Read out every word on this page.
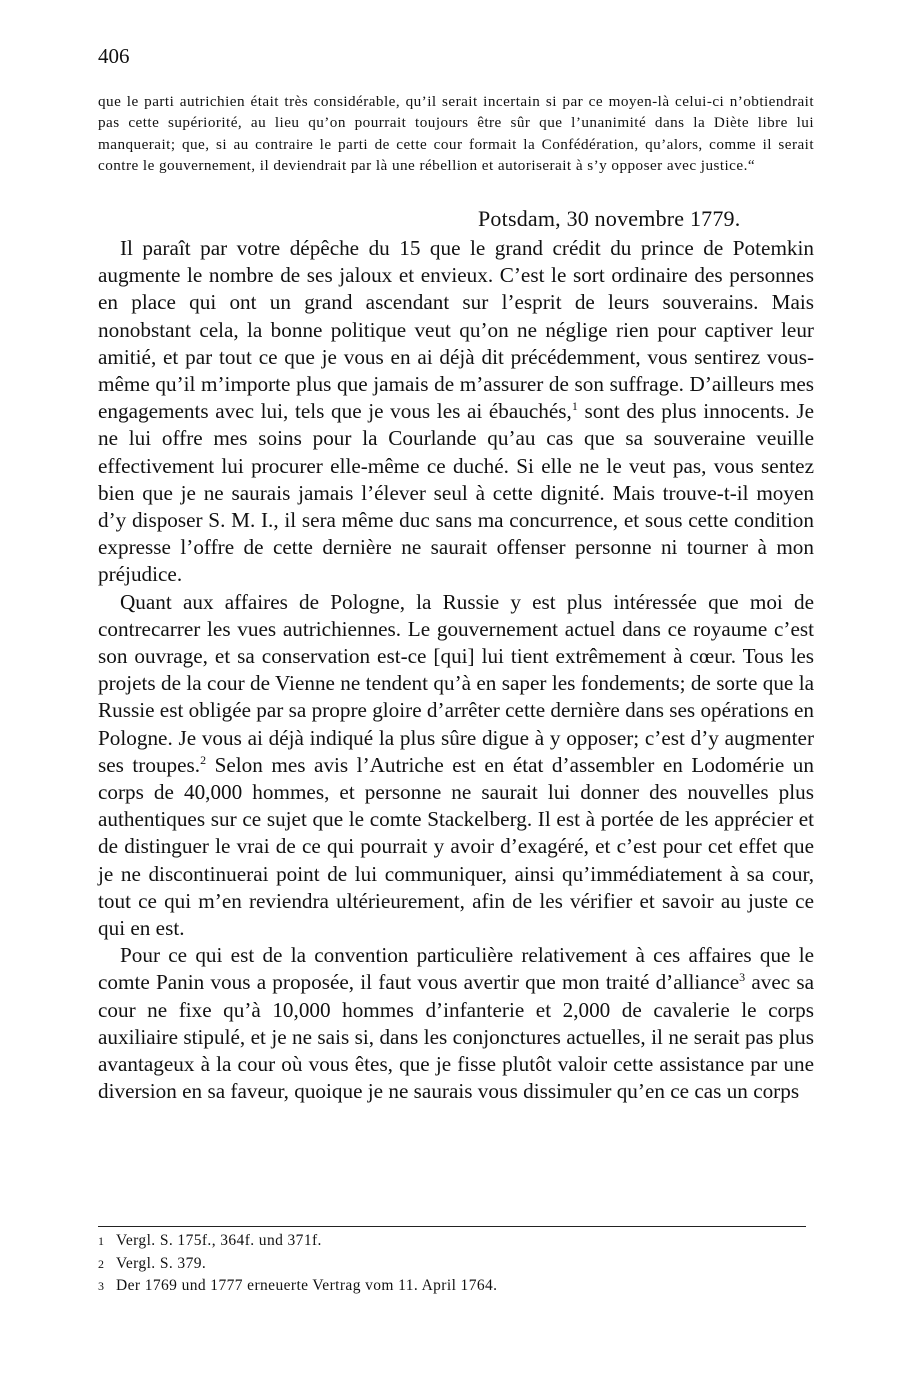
406

que le parti autrichien était très considérable, qu’il serait incertain si par ce moyen-là celui-ci n’obtiendrait pas cette supériorité, au lieu qu’on pourrait toujours être sûr que l’unanimité dans la Diète libre lui manquerait; que, si au contraire le parti de cette cour formait la Confédération, qu’alors, comme il serait contre le gouvernement, il deviendrait par là une rébellion et autoriserait à s’y opposer avec justice.“

Potsdam, 30 novembre 1779.

Il paraît par votre dépêche du 15 que le grand crédit du prince de Potemkin augmente le nombre de ses jaloux et envieux. C’est le sort ordinaire des personnes en place qui ont un grand ascendant sur l’esprit de leurs souverains. Mais nonobstant cela, la bonne politique veut qu’on ne néglige rien pour captiver leur amitié, et par tout ce que je vous en ai déjà dit précédemment, vous sentirez vous-même qu’il m’importe plus que jamais de m’assurer de son suffrage. D’ailleurs mes engagements avec lui, tels que je vous les ai ébauchés,$^1$ sont des plus innocents. Je ne lui offre mes soins pour la Courlande qu’au cas que sa souveraine veuille effectivement lui procurer elle-même ce duché. Si elle ne le veut pas, vous sentez bien que je ne saurais jamais l’élever seul à cette dignité. Mais trouve-t-il moyen d’y disposer S. M. I., il sera même duc sans ma concurrence, et sous cette condition expresse l’offre de cette dernière ne saurait offenser personne ni tourner à mon préjudice.

Quant aux affaires de Pologne, la Russie y est plus intéressée que moi de contrecarrer les vues autrichiennes. Le gouvernement actuel dans ce royaume c’est son ouvrage, et sa conservation est-ce [qui] lui tient extrêmement à cœur. Tous les projets de la cour de Vienne ne tendent qu’à en saper les fondements; de sorte que la Russie est obligée par sa propre gloire d’arrêter cette dernière dans ses opérations en Pologne. Je vous ai déjà indiqué la plus sûre digue à y opposer; c’est d’y augmenter ses troupes.$^2$ Selon mes avis l’Autriche est en état d’assembler en Lodomérie un corps de 40,000 hommes, et personne ne saurait lui donner des nouvelles plus authentiques sur ce sujet que le comte Stackelberg. Il est à portée de les apprécier et de distinguer le vrai de ce qui pourrait y avoir d’exagéré, et c’est pour cet effet que je ne discontinuerai point de lui communiquer, ainsi qu’immédiatement à sa cour, tout ce qui m’en reviendra ultérieurement, afin de les vérifier et savoir au juste ce qui en est.

Pour ce qui est de la convention particulière relativement à ces affaires que le comte Panin vous a proposée, il faut vous avertir que mon traité d’alliance$^3$ avec sa cour ne fixe qu’à 10,000 hommes d’infanterie et 2,000 de cavalerie le corps auxiliaire stipulé, et je ne sais si, dans les conjonctures actuelles, il ne serait pas plus avantageux à la cour où vous êtes, que je fisse plutôt valoir cette assistance par une diversion en sa faveur, quoique je ne saurais vous dissimuler qu’en ce cas un corps

1 Vergl. S. 175f., 364f. und 371f.
2 Vergl. S. 379.
3 Der 1769 und 1777 erneuerte Vertrag vom 11. April 1764.
